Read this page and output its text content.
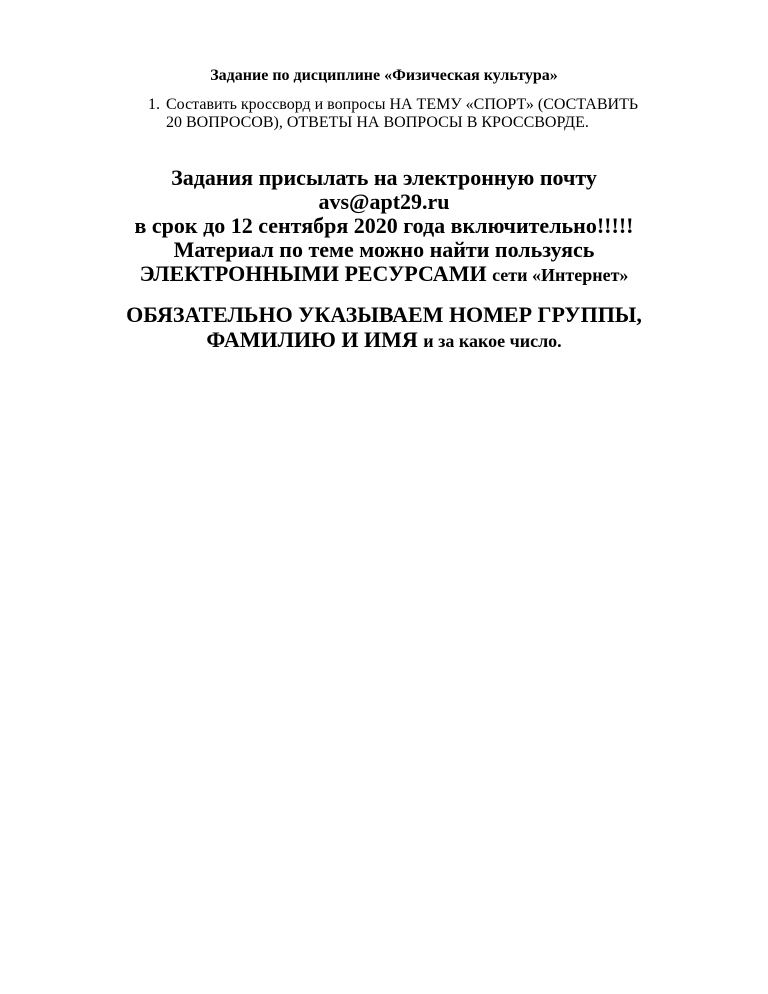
Задание по дисциплине «Физическая культура»
1. Составить кроссворд и вопросы НА ТЕМУ «СПОРТ» (СОСТАВИТЬ
20 ВОПРОСОВ), ОТВЕТЫ НА ВОПРОСЫ В КРОССВОРДЕ.
Задания присылать на электронную почту
avs@apt29.ru
в срок до 12 сентября 2020 года включительно!!!!!
Материал по теме можно найти пользуясь
ЭЛЕКТРОННЫМИ РЕСУРСАМИ сети «Интернет»
ОБЯЗАТЕЛЬНО УКАЗЫВАЕМ НОМЕР ГРУППЫ,
ФАМИЛИЮ И ИМЯ и за какое число.
